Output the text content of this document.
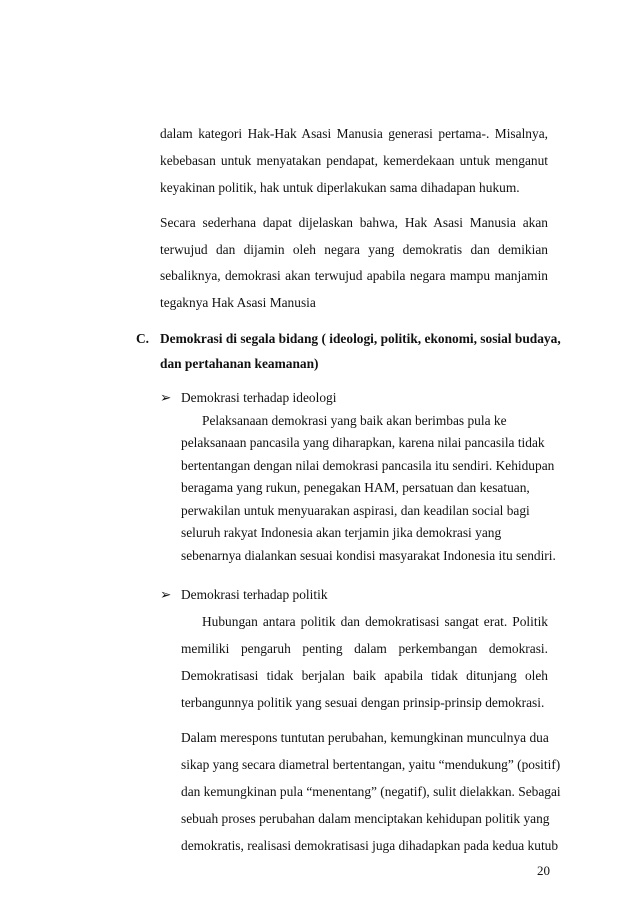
dalam kategori Hak-Hak Asasi Manusia generasi pertama-. Misalnya,
kebebasan untuk menyatakan pendapat, kemerdekaan untuk menganut
keyakinan politik, hak untuk diperlakukan sama dihadapan hukum.
Secara sederhana dapat dijelaskan bahwa, Hak Asasi Manusia akan
terwujud dan dijamin oleh negara yang demokratis dan demikian
sebaliknya, demokrasi akan terwujud apabila negara mampu manjamin
tegaknya Hak Asasi Manusia
C. Demokrasi di segala bidang ( ideologi, politik, ekonomi, sosial budaya,
dan pertahanan keamanan)
➢ Demokrasi terhadap ideologi
Pelaksanaan demokrasi yang baik akan berimbas pula ke
pelaksanaan pancasila yang diharapkan, karena nilai pancasila tidak
bertentangan dengan nilai demokrasi pancasila itu sendiri. Kehidupan
beragama yang rukun, penegakan HAM, persatuan dan kesatuan,
perwakilan untuk menyuarakan aspirasi, dan keadilan social bagi
seluruh rakyat Indonesia akan terjamin jika demokrasi yang
sebenarnya dialankan sesuai kondisi masyarakat Indonesia itu sendiri.
➢ Demokrasi terhadap politik
Hubungan antara politik dan demokratisasi sangat erat. Politik
memiliki pengaruh penting dalam perkembangan demokrasi.
Demokratisasi tidak berjalan baik apabila tidak ditunjang oleh
terbangunnya politik yang sesuai dengan prinsip-prinsip demokrasi.
Dalam merespons tuntutan perubahan, kemungkinan munculnya dua
sikap yang secara diametral bertentangan, yaitu “mendukung” (positif)
dan kemungkinan pula “menentang” (negatif), sulit dielakkan. Sebagai
sebuah proses perubahan dalam menciptakan kehidupan politik yang
demokratis, realisasi demokratisasi juga dihadapkan pada kedua kutub
20
